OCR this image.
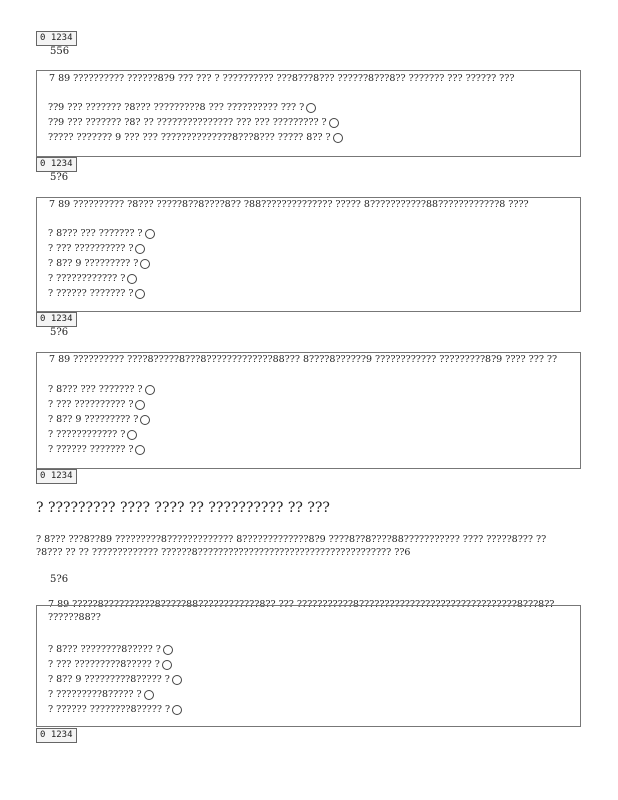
0 1234
556
7 89 ?????????? ??????8?9 ??? ??? ? ?????????? ???8???8??? ??????8???8?? ??????? ??? ?????? ???
??9 ??? ??????? ?8??? ?????????8 ??? ?????????? ??? ?
??9 ??? ??????? ?8? ?? ??????????????? ??? ??? ????????? ?
????? ??????? 9 ??? ??? ??????????????8???8??? ????? 8?? ?
0 1234
5?6
7 89 ?????????? ?8??? ?????8??8????8?? ?88?????????????? ????? 8???????????88????????????8 ????
? 8??? ??? ??????? ?
? ??? ?????????? ?
? 8?? 9 ????????? ?
? ???????????? ?
? ?????? ??????? ?
0 1234
5?6
7 89 ?????????? ????8?????8???8?????????????88??? 8????8??????9 ???????????? ?????????8?9 ???? ??? ??
? 8??? ??? ??????? ?
? ??? ?????????? ?
? 8?? 9 ????????? ?
? ???????????? ?
? ?????? ??????? ?
0 1234
? ????????? ???? ???? ?? ?????????? ?? ???
? 8??? ???8??89 ?????????8????????????? 8?????????????8?9 ????8??8????88??????????? ???? ?????8??? ??
?8??? ?? ?? ????????????? ??????8?????????????????????????????????????? ??6
5?6
7 89 ?????8??????????8?????88????????????8?? ??? ???????????8???????????????????????????????8???8??
??????88??
? 8??? ????????8????? ?
? ??? ?????????8????? ?
? 8?? 9 ?????????8????? ?
? ?????????8????? ?
? ?????? ????????8????? ?
0 1234
